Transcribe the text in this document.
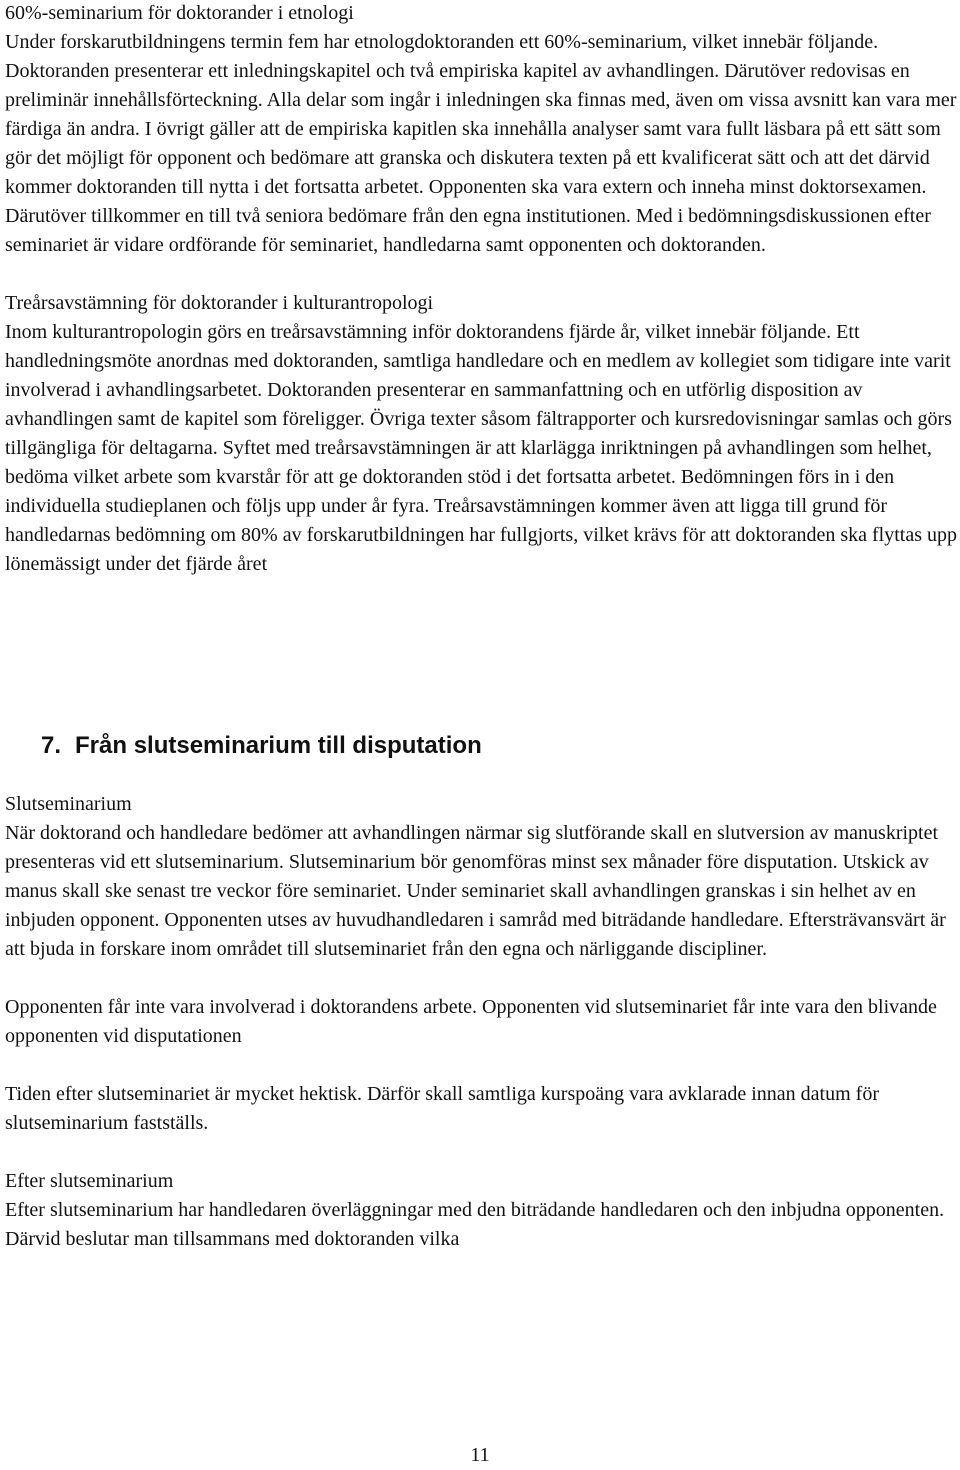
60%-seminarium för doktorander i etnologi
Under forskarutbildningens termin fem har etnologdoktoranden ett 60%-seminarium, vilket innebär följande. Doktoranden presenterar ett inledningskapitel och två empiriska kapitel av avhandlingen. Därutöver redovisas en preliminär innehållsförteckning. Alla delar som ingår i inledningen ska finnas med, även om vissa avsnitt kan vara mer färdiga än andra. I övrigt gäller att de empiriska kapitlen ska innehålla analyser samt vara fullt läsbara på ett sätt som gör det möjligt för opponent och bedömare att granska och diskutera texten på ett kvalificerat sätt och att det därvid kommer doktoranden till nytta i det fortsatta arbetet. Opponenten ska vara extern och inneha minst doktorsexamen. Därutöver tillkommer en till två seniora bedömare från den egna institutionen. Med i bedömningsdiskussionen efter seminariet är vidare ordförande för seminariet, handledarna samt opponenten och doktoranden.

Treårsavstämning för doktorander i kulturantropologi
Inom kulturantropologin görs en treårsavstämning inför doktorandens fjärde år, vilket innebär följande. Ett handledningsmöte anordnas med doktoranden, samtliga handledare och en medlem av kollegiet som tidigare inte varit involverad i avhandlingsarbetet. Doktoranden presenterar en sammanfattning och en utförlig disposition av avhandlingen samt de kapitel som föreligger. Övriga texter såsom fältrapporter och kursredovisningar samlas och görs tillgängliga för deltagarna. Syftet med treårsavstämningen är att klarlägga inriktningen på avhandlingen som helhet, bedöma vilket arbete som kvarstår för att ge doktoranden stöd i det fortsatta arbetet. Bedömningen förs in i den individuella studieplanen och följs upp under år fyra. Treårsavstämningen kommer även att ligga till grund för handledarnas bedömning om 80% av forskarutbildningen har fullgjorts, vilket krävs för att doktoranden ska flyttas upp lönemässigt under det fjärde året

7. Från slutseminarium till disputation

Slutseminarium
När doktorand och handledare bedömer att avhandlingen närmar sig slutförande skall en slutversion av manuskriptet presenteras vid ett slutseminarium. Slutseminarium bör genomföras minst sex månader före disputation. Utskick av manus skall ske senast tre veckor före seminariet. Under seminariet skall avhandlingen granskas i sin helhet av en inbjuden opponent. Opponenten utses av huvudhandledaren i samråd med biträdande handledare. Eftersträvansvärt är att bjuda in forskare inom området till slutseminariet från den egna och närliggande discipliner.

Opponenten får inte vara involverad i doktorandens arbete. Opponenten vid slutseminariet får inte vara den blivande opponenten vid disputationen

Tiden efter slutseminariet är mycket hektisk. Därför skall samtliga kurspoäng vara avklarade innan datum för slutseminarium fastställs.

Efter slutseminarium
Efter slutseminarium har handledaren överläggningar med den biträdande handledaren och den inbjudna opponenten. Därvid beslutar man tillsammans med doktoranden vilka

11
